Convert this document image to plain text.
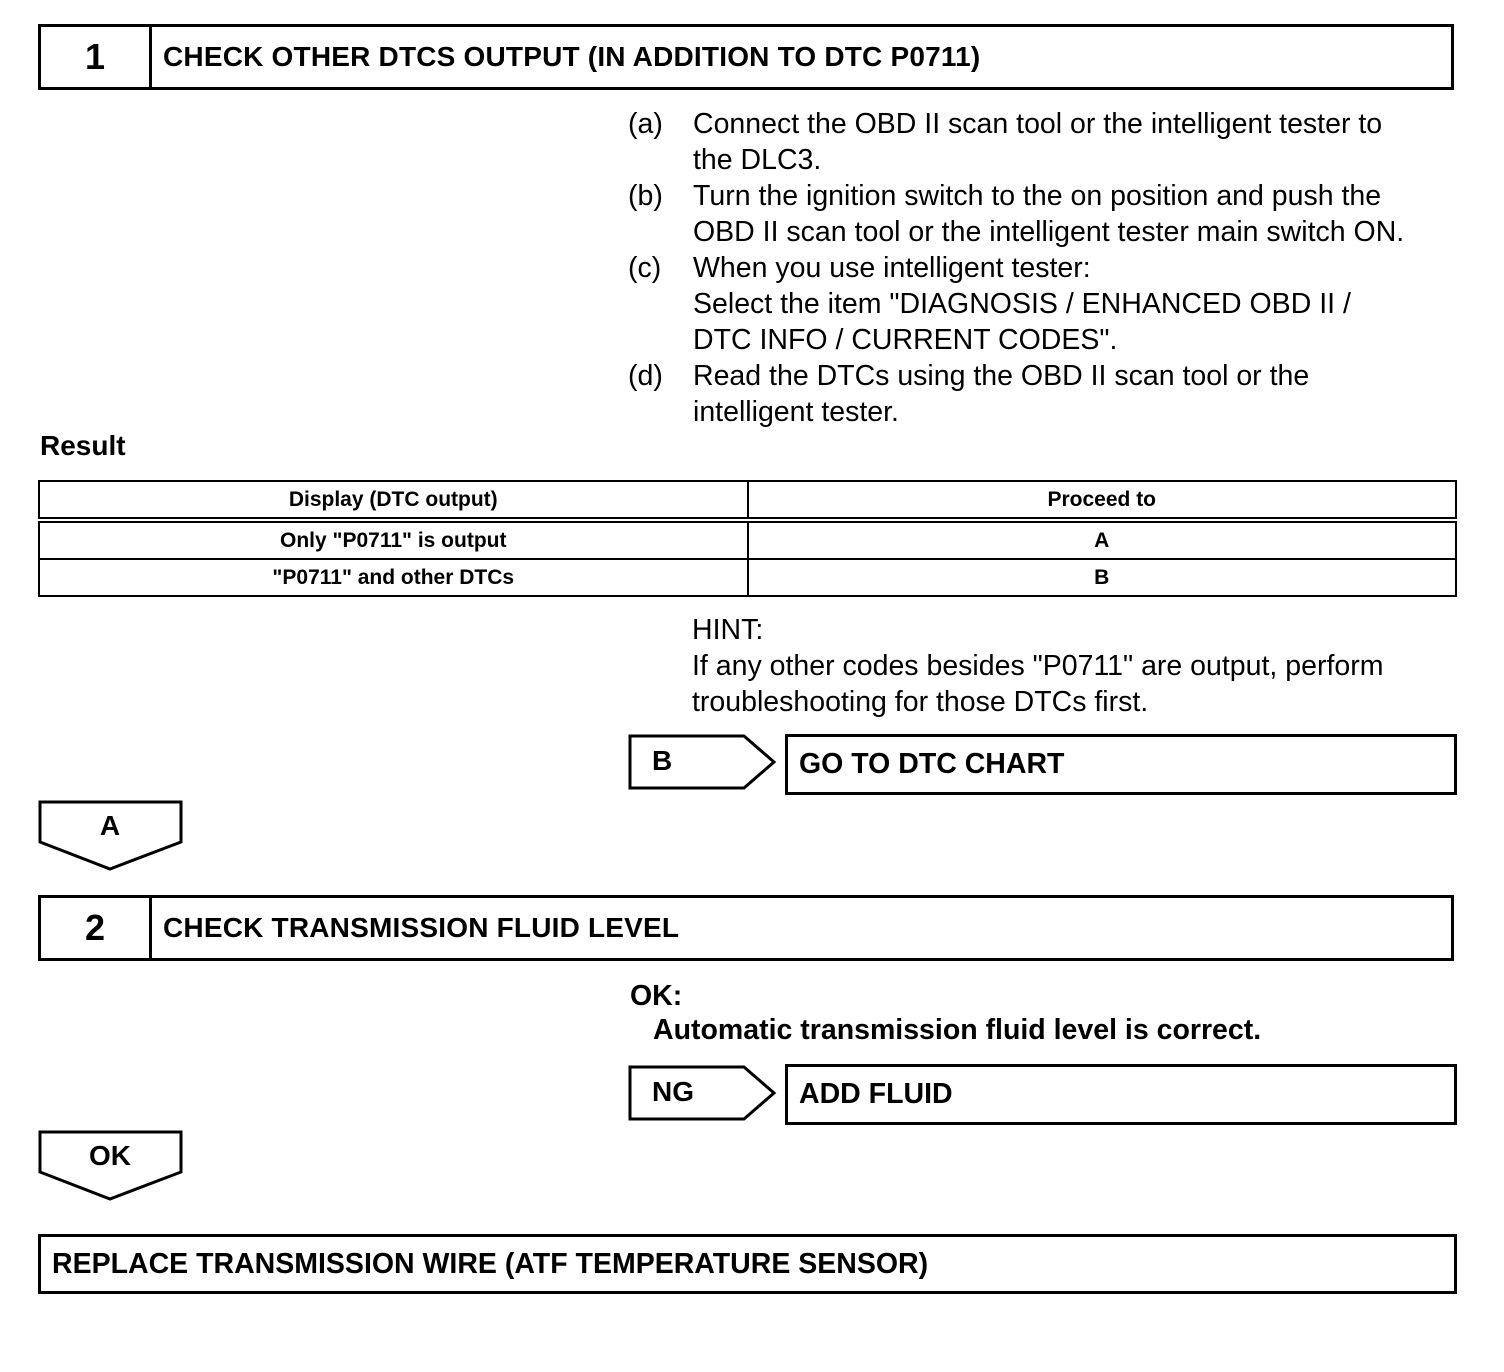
1	CHECK OTHER DTCS OUTPUT (IN ADDITION TO DTC P0711)
(a)	Connect the OBD II scan tool or the intelligent tester to
the DLC3.
(b)	Turn the ignition switch to the on position and push the
OBD II scan tool or the intelligent tester main switch ON.
(c)	When you use intelligent tester:
Select the item "DIAGNOSIS / ENHANCED OBD II /
DTC INFO / CURRENT CODES".
(d)	Read the DTCs using the OBD II scan tool or the
intelligent tester.
Result
Display (DTC output)	Proceed to
Only "P0711" is output	A
"P0711" and other DTCs	B
HINT:
If any other codes besides "P0711" are output, perform
troubleshooting for those DTCs first.
B	GO TO DTC CHART
A
2	CHECK TRANSMISSION FLUID LEVEL
OK:
Automatic transmission fluid level is correct.
NG	ADD FLUID
OK
REPLACE TRANSMISSION WIRE (ATF TEMPERATURE SENSOR)
